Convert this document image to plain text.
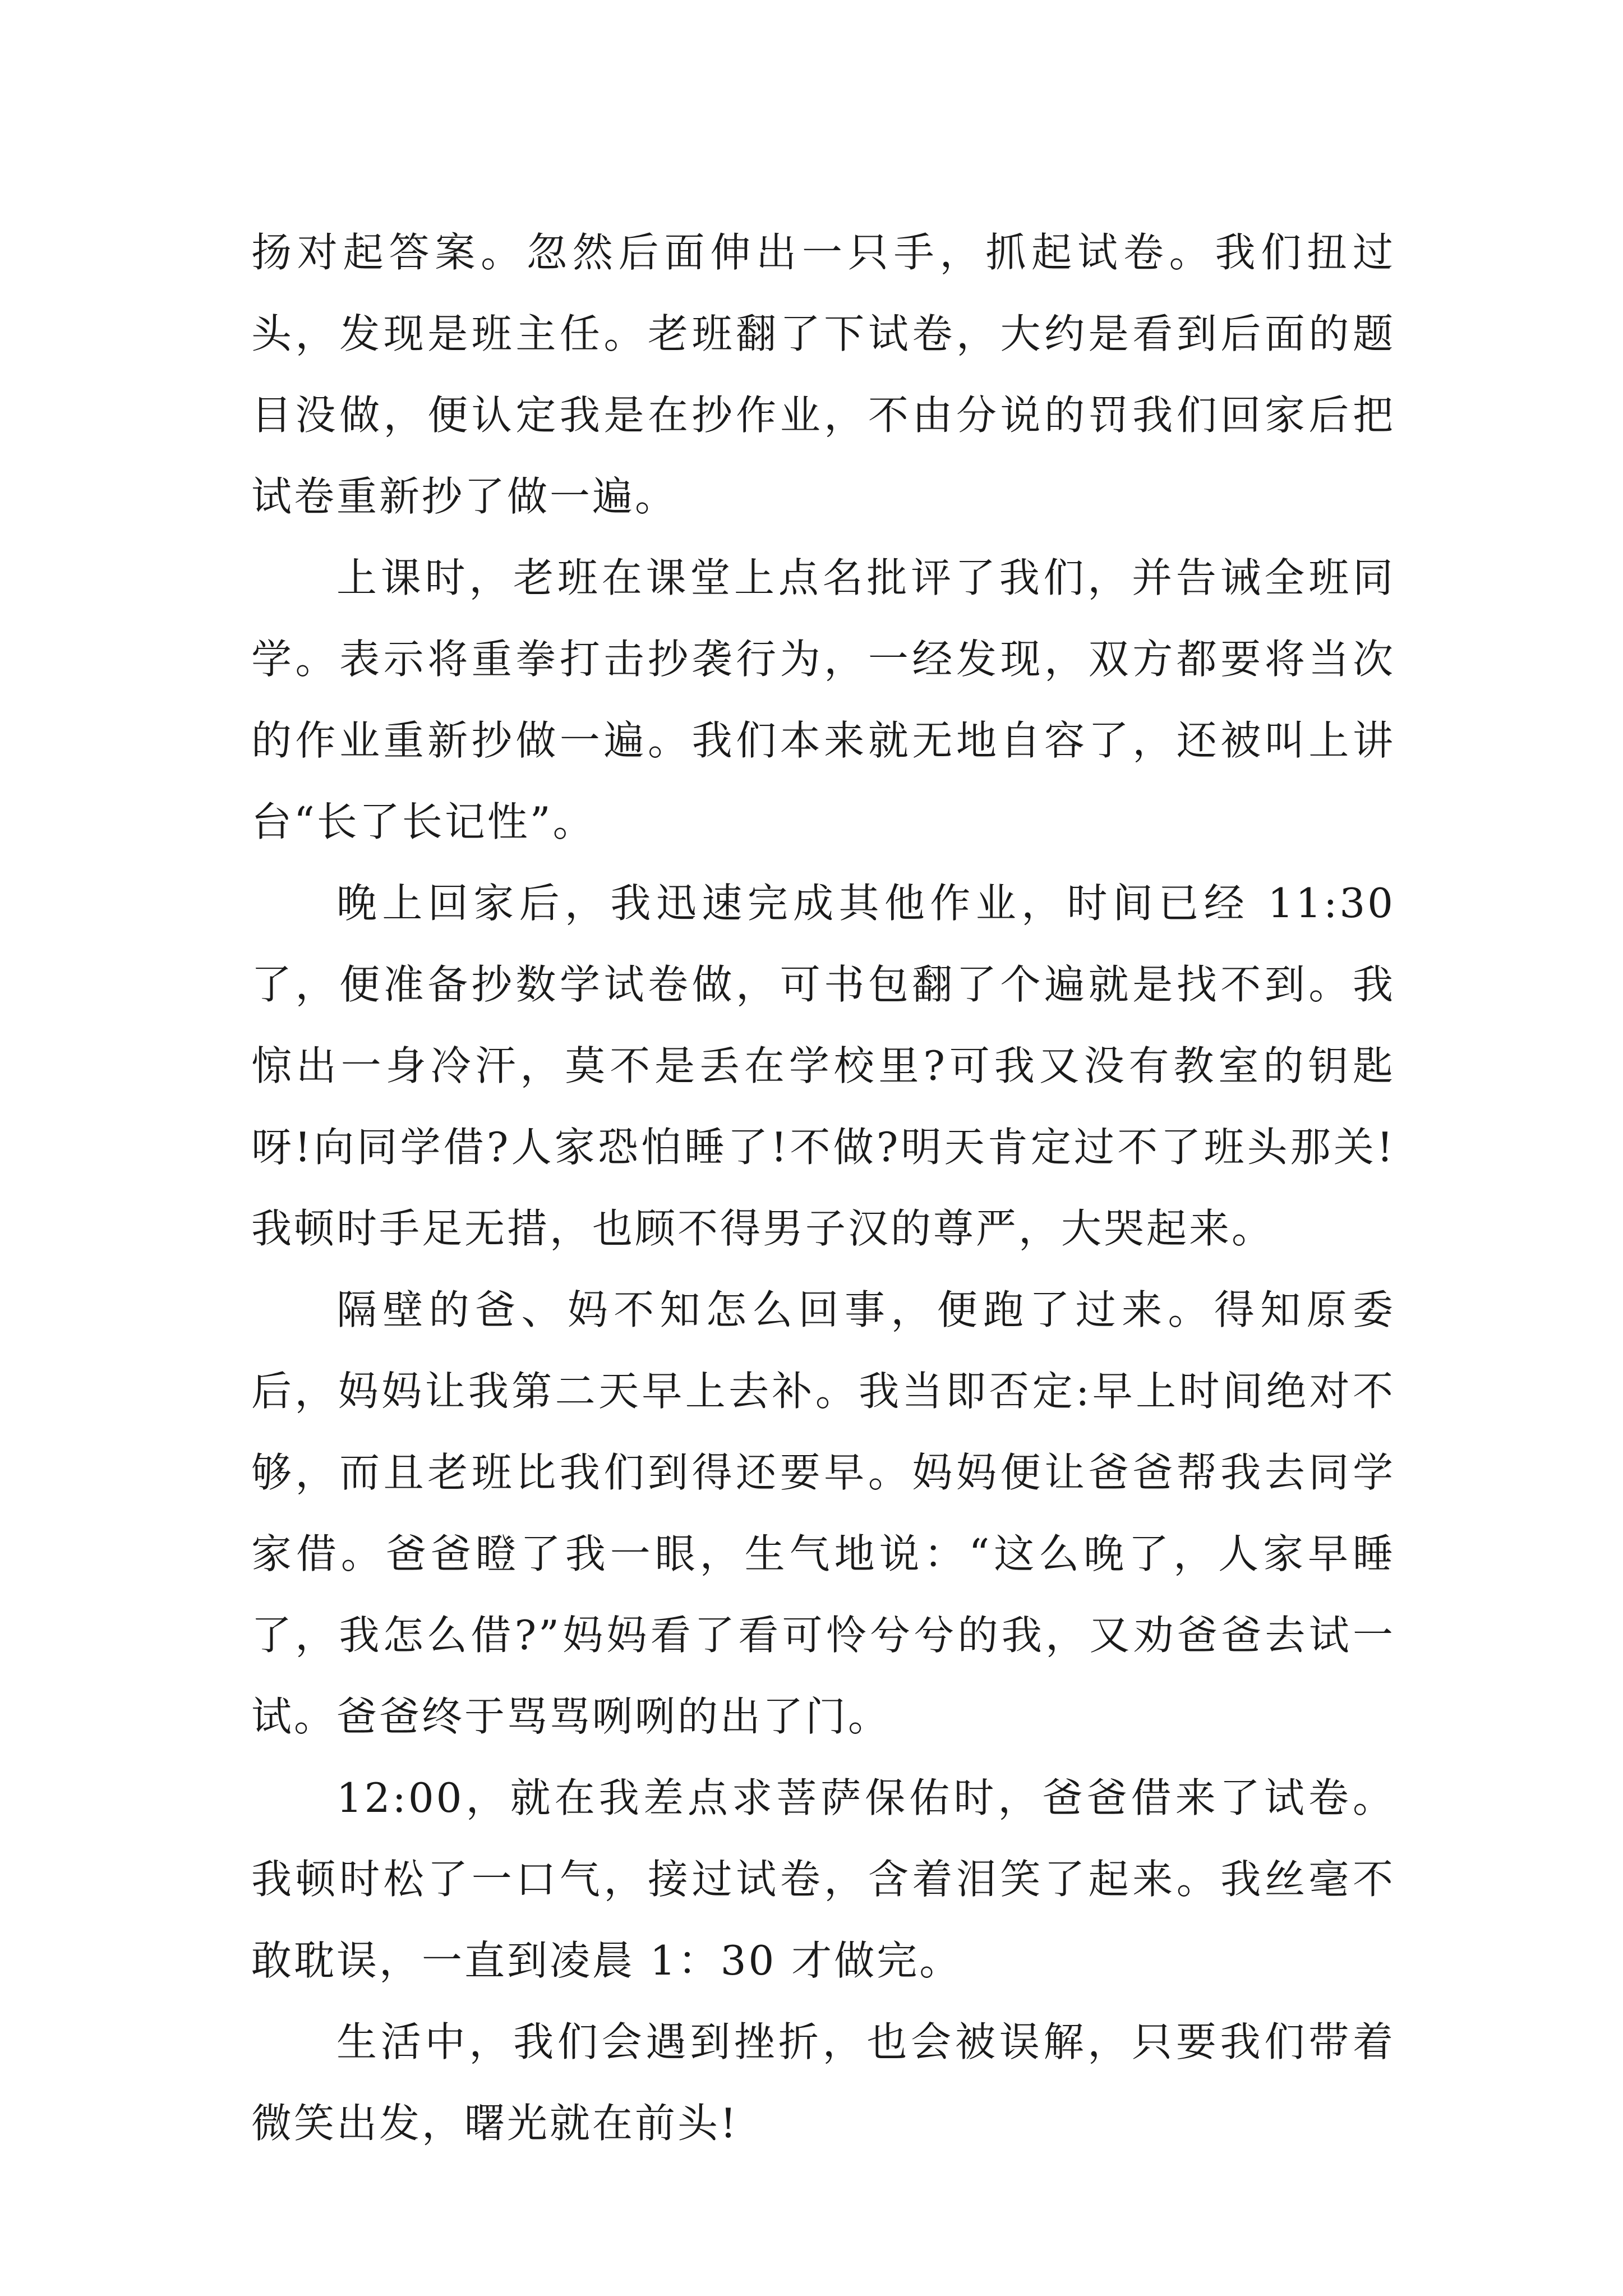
扬对起答案。忽然后面伸出一只手，抓起试卷。我们扭过头，发现是班主任。老班翻了下试卷，大约是看到后面的题目没做，便认定我是在抄作业，不由分说的罚我们回家后把试卷重新抄了做一遍。

上课时，老班在课堂上点名批评了我们，并告诫全班同学。表示将重拳打击抄袭行为，一经发现，双方都要将当次的作业重新抄做一遍。我们本来就无地自容了，还被叫上讲台“长了长记性”。

晚上回家后，我迅速完成其他作业，时间已经 11:30 了，便准备抄数学试卷做，可书包翻了个遍就是找不到。我惊出一身冷汗，莫不是丢在学校里?可我又没有教室的钥匙呀!向同学借?人家恐怕睡了!不做?明天肯定过不了班头那关!我顿时手足无措，也顾不得男子汉的尊严，大哭起来。

隔壁的爸、妈不知怎么回事，便跑了过来。得知原委后，妈妈让我第二天早上去补。我当即否定:早上时间绝对不够，而且老班比我们到得还要早。妈妈便让爸爸帮我去同学家借。爸爸瞪了我一眼，生气地说：“这么晚了，人家早睡了，我怎么借?”妈妈看了看可怜兮兮的我，又劝爸爸去试一试。爸爸终于骂骂咧咧的出了门。

12:00，就在我差点求菩萨保佑时，爸爸借来了试卷。我顿时松了一口气，接过试卷，含着泪笑了起来。我丝毫不敢耽误，一直到凌晨 1：30 才做完。

生活中，我们会遇到挫折，也会被误解，只要我们带着微笑出发，曙光就在前头!
